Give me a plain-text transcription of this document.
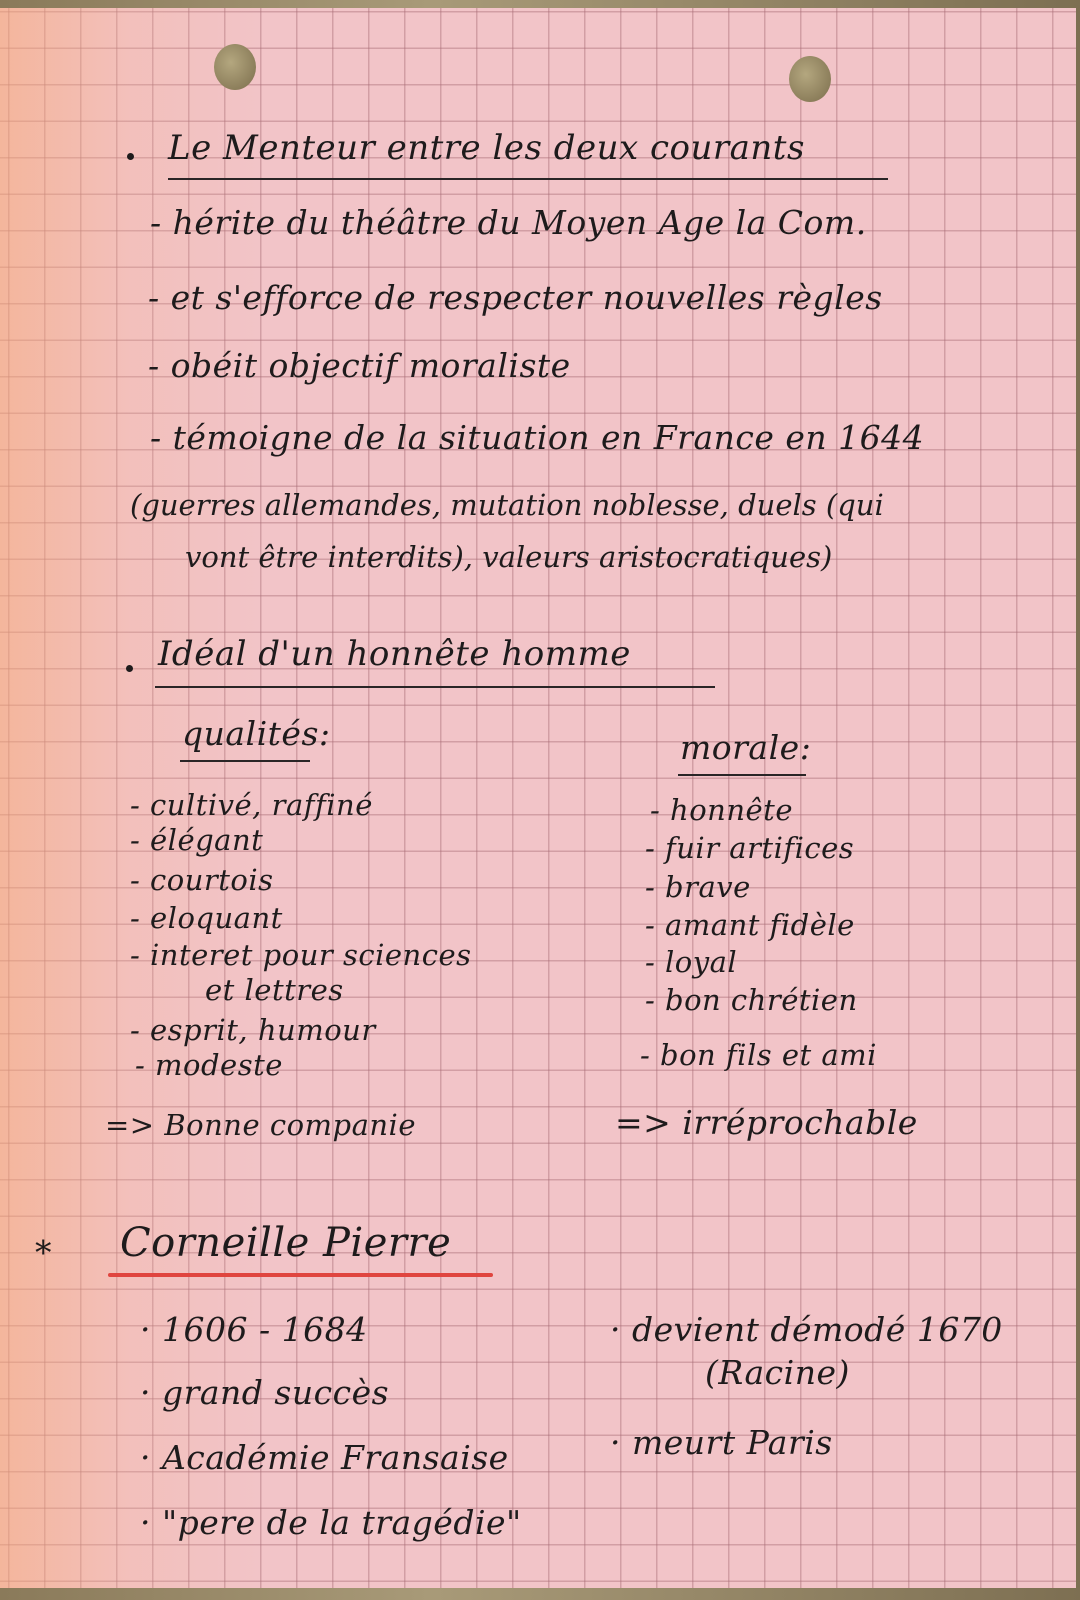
Le Menteur entre les deux courants
- hérite du théâtre du Moyen Age la Com.
- et s'efforce de respecter nouvelles règles
- obéit objectif moraliste
- témoigne de la situation en France en 1644
(guerres allemandes, mutation noblesse, duels (qui
vont être interdits), valeurs aristocratiques)
Idéal d'un honnête homme
qualités:	morale:
- cultivé, raffiné
- élégant
- courtois
- eloquant
- interet pour sciences
et lettres
- esprit, humour
- modeste
- honnête
- fuir artifices
- brave
- amant fidèle
- loyal
- bon chrétien
- bon fils et ami
=> Bonne companie	=> irréprochable
* Corneille Pierre
· 1606 - 1684
· grand succès
· Académie Fransaise
· "pere de la tragédie"
· devient démodé 1670
(Racine)
· meurt Paris
